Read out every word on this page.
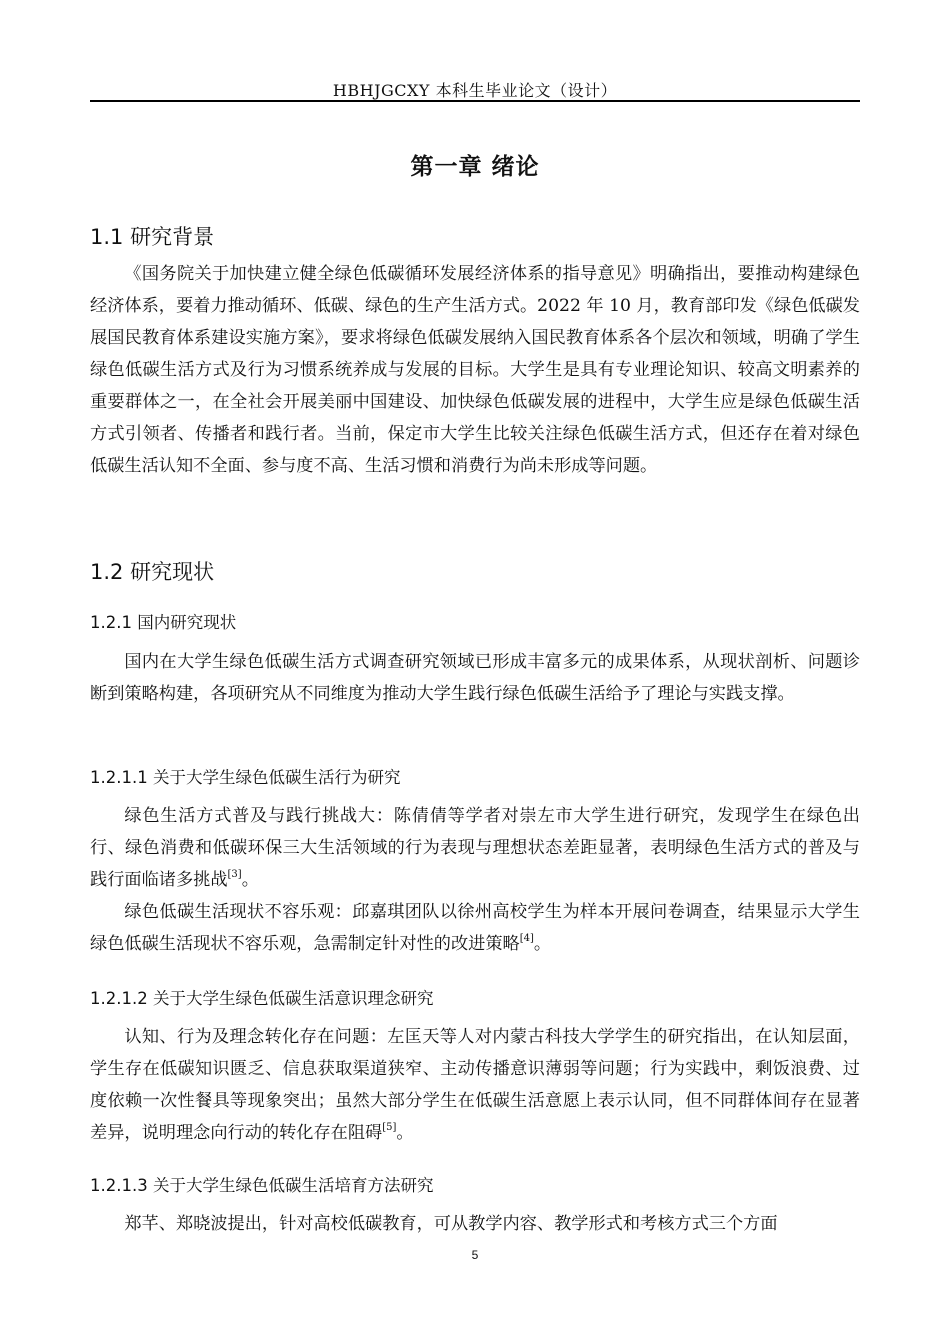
HBHJGCXY 本科生毕业论文（设计）
第一章 绪论
1.1 研究背景

《国务院关于加快建立健全绿色低碳循环发展经济体系的指导意见》明确指出，要推动构建绿色经济体系，要着力推动循环、低碳、绿色的生产生活方式。2022 年 10 月，教育部印发《绿色低碳发展国民教育体系建设实施方案》，要求将绿色低碳发展纳入国民教育体系各个层次和领域，明确了学生绿色低碳生活方式及行为习惯系统养成与发展的目标。大学生是具有专业理论知识、较高文明素养的重要群体之一，在全社会开展美丽中国建设、加快绿色低碳发展的进程中，大学生应是绿色低碳生活方式引领者、传播者和践行者。当前，保定市大学生比较关注绿色低碳生活方式，但还存在着对绿色低碳生活认知不全面、参与度不高、生活习惯和消费行为尚未形成等问题。

1.2 研究现状
1.2.1 国内研究现状

国内在大学生绿色低碳生活方式调查研究领域已形成丰富多元的成果体系，从现状剖析、问题诊断到策略构建，各项研究从不同维度为推动大学生践行绿色低碳生活给予了理论与实践支撑。

1.2.1.1 关于大学生绿色低碳生活行为研究

绿色生活方式普及与践行挑战大：陈倩倩等学者对崇左市大学生进行研究，发现学生在绿色出行、绿色消费和低碳环保三大生活领域的行为表现与理想状态差距显著，表明绿色生活方式的普及与践行面临诸多挑战[3]。

绿色低碳生活现状不容乐观：邱嘉琪团队以徐州高校学生为样本开展问卷调查，结果显示大学生绿色低碳生活现状不容乐观，急需制定针对性的改进策略[4]。

1.2.1.2 关于大学生绿色低碳生活意识理念研究

认知、行为及理念转化存在问题：左匡天等人对内蒙古科技大学学生的研究指出，在认知层面，学生存在低碳知识匮乏、信息获取渠道狭窄、主动传播意识薄弱等问题；行为实践中，剩饭浪费、过度依赖一次性餐具等现象突出；虽然大部分学生在低碳生活意愿上表示认同，但不同群体间存在显著差异，说明理念向行动的转化存在阻碍[5]。

1.2.1.3 关于大学生绿色低碳生活培育方法研究

郑芊、郑晓波提出，针对高校低碳教育，可从教学内容、教学形式和考核方式三个方面

5
